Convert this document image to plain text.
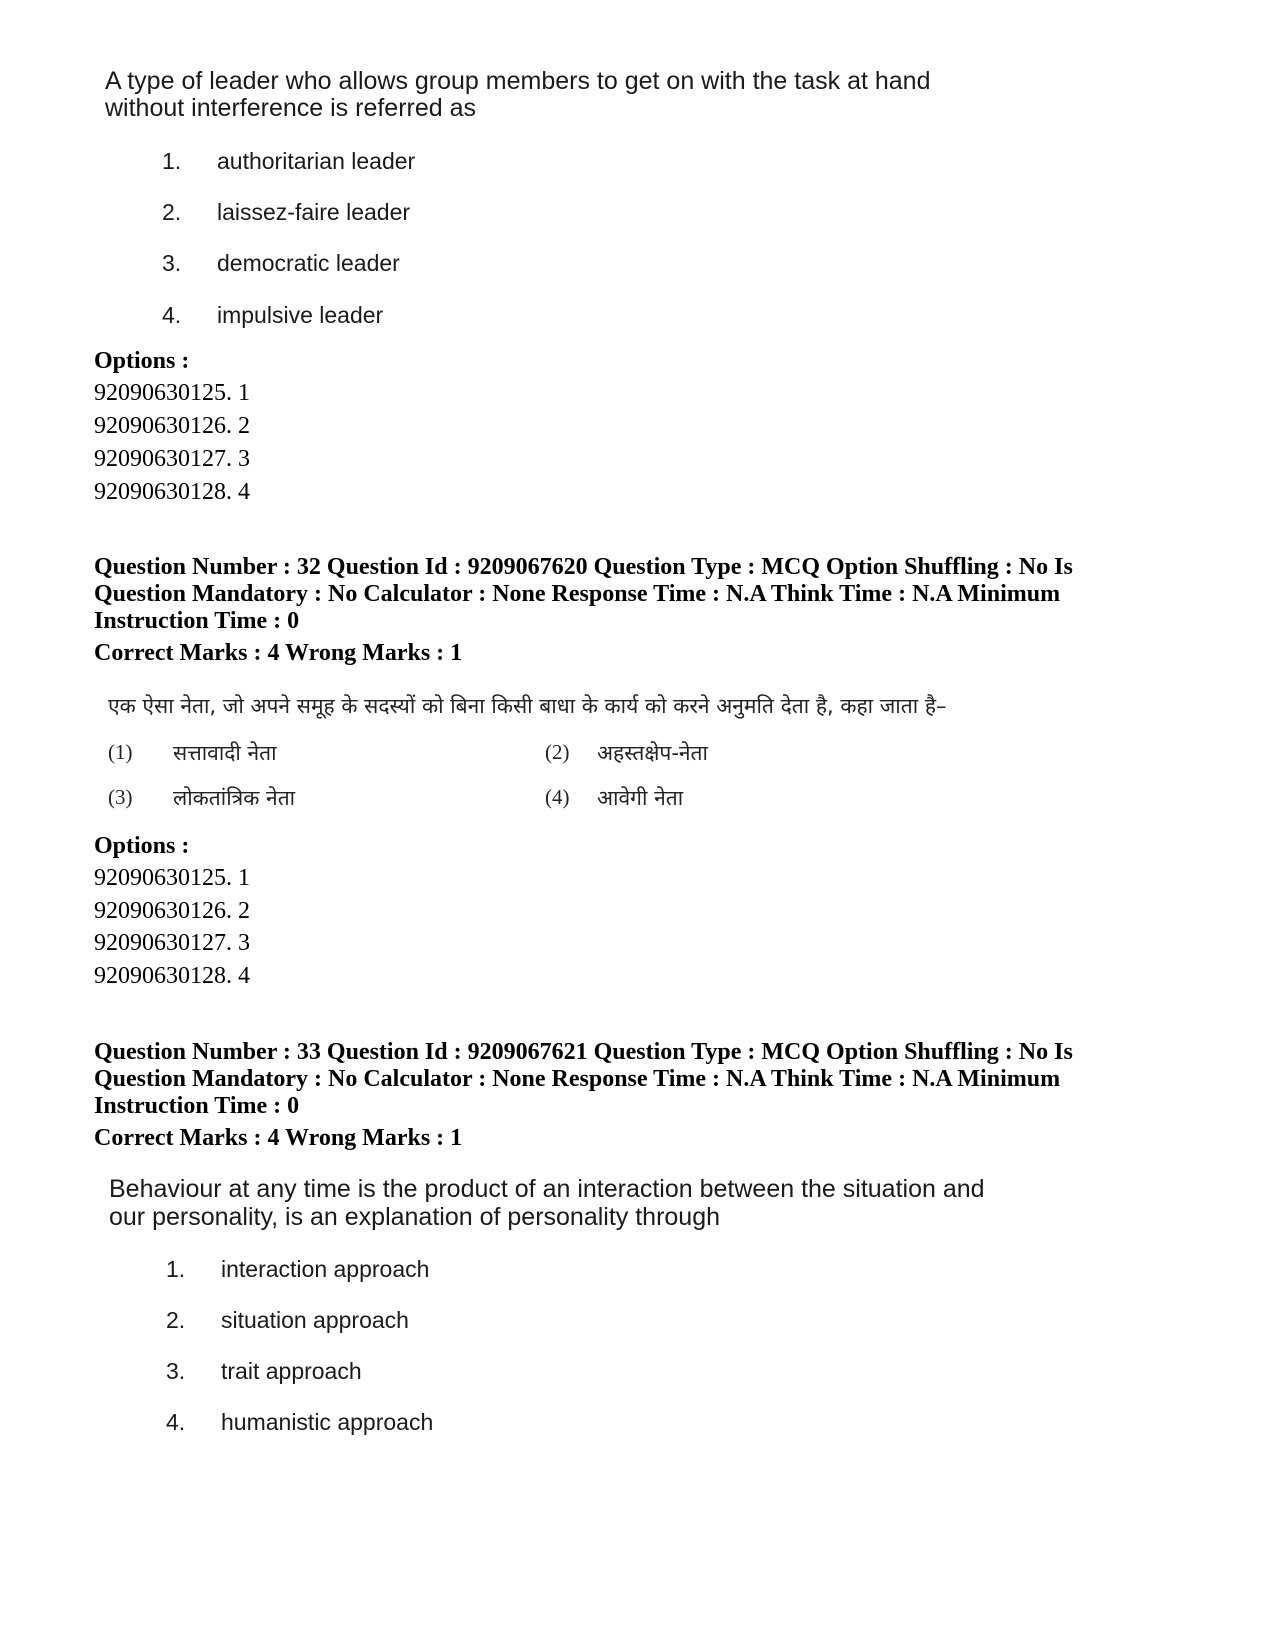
A type of leader who allows group members to get on with the task at hand
without interference is referred as
1. authoritarian leader
2. laissez-faire leader
3. democratic leader
4. impulsive leader
Options :
92090630125. 1
92090630126. 2
92090630127. 3
92090630128. 4
Question Number : 32 Question Id : 9209067620 Question Type : MCQ Option Shuffling : No Is
Question Mandatory : No Calculator : None Response Time : N.A Think Time : N.A Minimum
Instruction Time : 0
Correct Marks : 4 Wrong Marks : 1
एक ऐसा नेता, जो अपने समूह के सदस्यों को बिना किसी बाधा के कार्य को करने अनुमति देता है, कहा जाता है–
(1) सत्तावादी नेता	(2) अहस्तक्षेप-नेता
(3) लोकतांत्रिक नेता	(4) आवेगी नेता
Options :
92090630125. 1
92090630126. 2
92090630127. 3
92090630128. 4
Question Number : 33 Question Id : 9209067621 Question Type : MCQ Option Shuffling : No Is
Question Mandatory : No Calculator : None Response Time : N.A Think Time : N.A Minimum
Instruction Time : 0
Correct Marks : 4 Wrong Marks : 1
Behaviour at any time is the product of an interaction between the situation and
our personality, is an explanation of personality through
1. interaction approach
2. situation approach
3. trait approach
4. humanistic approach
